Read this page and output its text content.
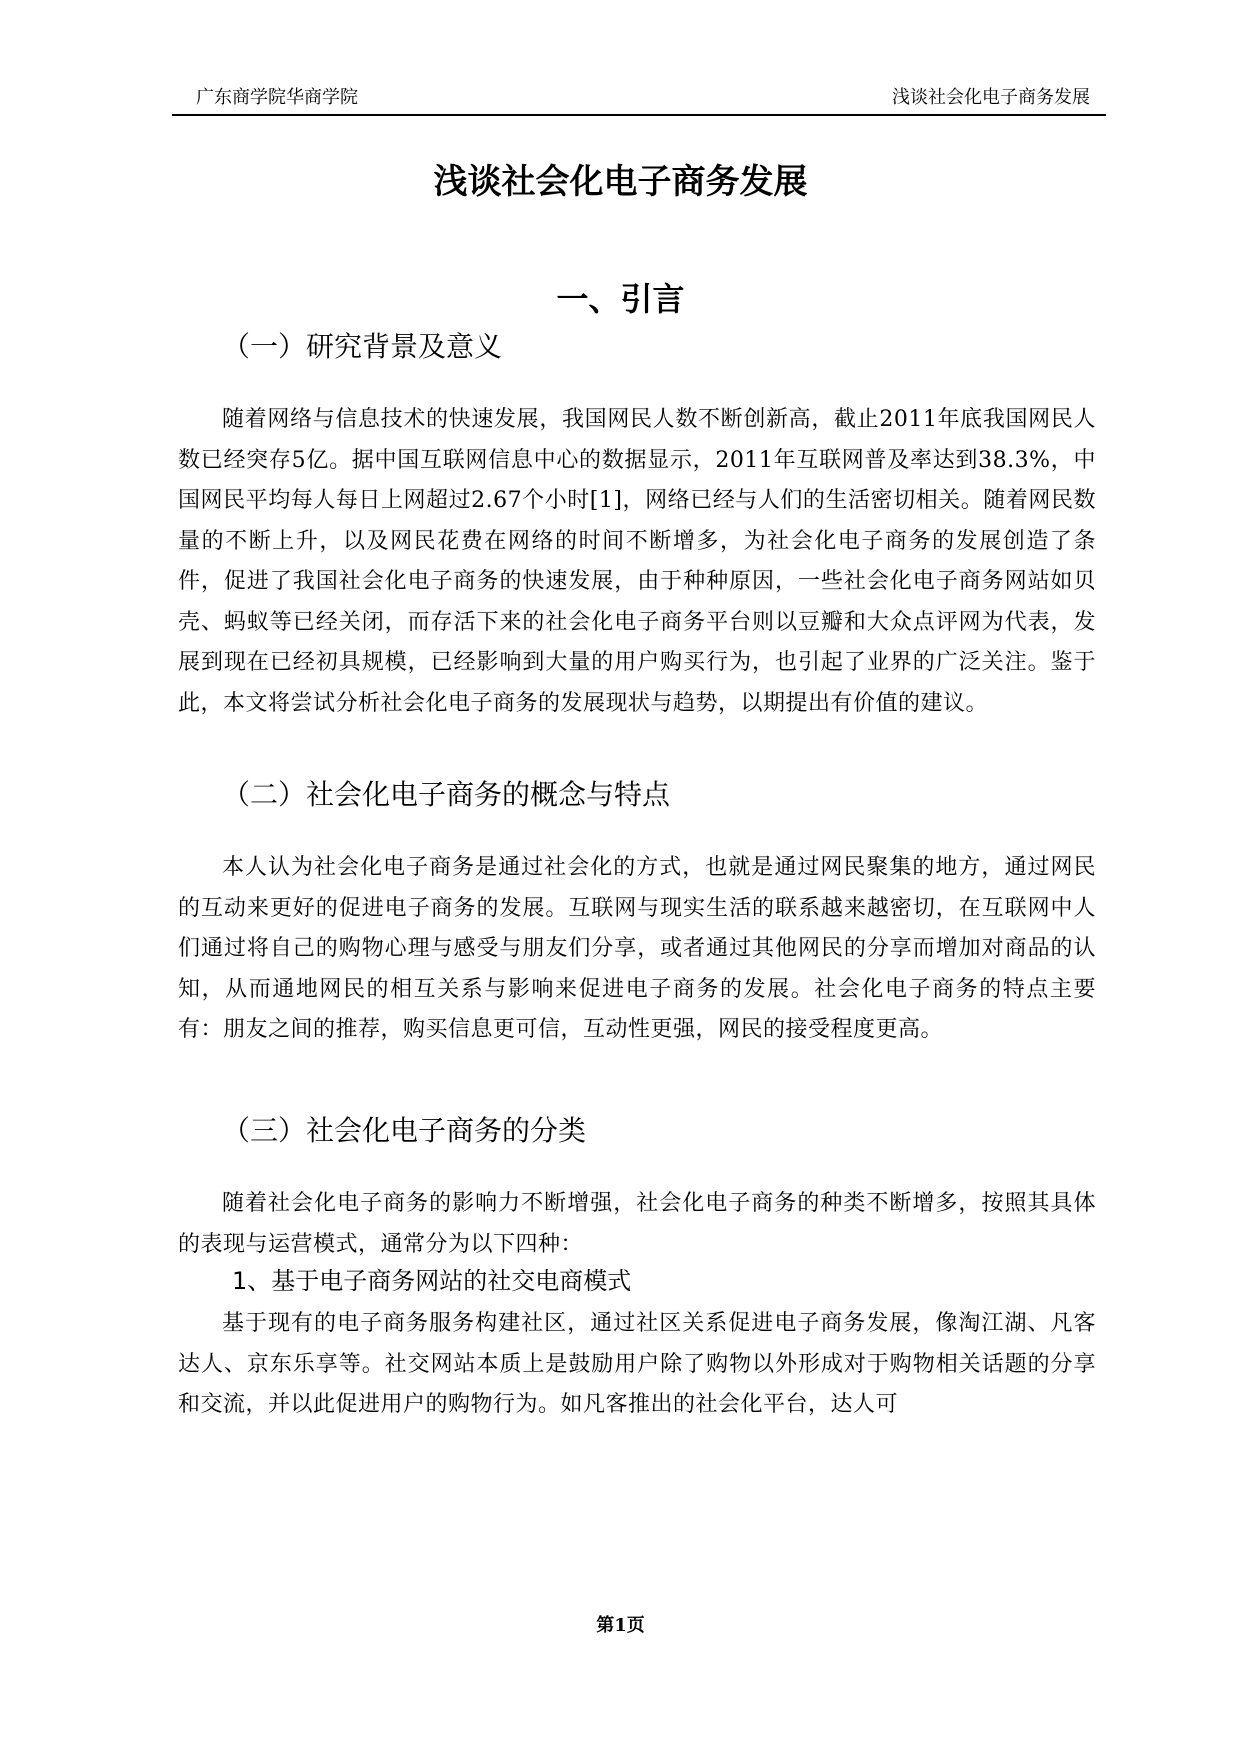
广东商学院华商学院	浅谈社会化电子商务发展
浅谈社会化电子商务发展
一、引言
（一）研究背景及意义

随着网络与信息技术的快速发展，我国网民人数不断创新高，截止2011年底我国网民人数已经突存5亿。据中国互联网信息中心的数据显示，2011年互联网普及率达到38.3%，中国网民平均每人每日上网超过2.67个小时[1]，网络已经与人们的生活密切相关。随着网民数量的不断上升，以及网民花费在网络的时间不断增多，为社会化电子商务的发展创造了条件，促进了我国社会化电子商务的快速发展，由于种种原因，一些社会化电子商务网站如贝壳、蚂蚁等已经关闭，而存活下来的社会化电子商务平台则以豆瓣和大众点评网为代表，发展到现在已经初具规模，已经影响到大量的用户购买行为，也引起了业界的广泛关注。鉴于此，本文将尝试分析社会化电子商务的发展现状与趋势，以期提出有价值的建议。

（二）社会化电子商务的概念与特点

本人认为社会化电子商务是通过社会化的方式，也就是通过网民聚集的地方，通过网民的互动来更好的促进电子商务的发展。互联网与现实生活的联系越来越密切，在互联网中人们通过将自己的购物心理与感受与朋友们分享，或者通过其他网民的分享而增加对商品的认知，从而通地网民的相互关系与影响来促进电子商务的发展。社会化电子商务的特点主要有：朋友之间的推荐，购买信息更可信，互动性更强，网民的接受程度更高。

（三）社会化电子商务的分类

随着社会化电子商务的影响力不断增强，社会化电子商务的种类不断增多，按照其具体的表现与运营模式，通常分为以下四种：

1、基于电子商务网站的社交电商模式

基于现有的电子商务服务构建社区，通过社区关系促进电子商务发展，像淘江湖、凡客达人、京东乐享等。社交网站本质上是鼓励用户除了购物以外形成对于购物相关话题的分享和交流，并以此促进用户的购物行为。如凡客推出的社会化平台，达人可

第1页
